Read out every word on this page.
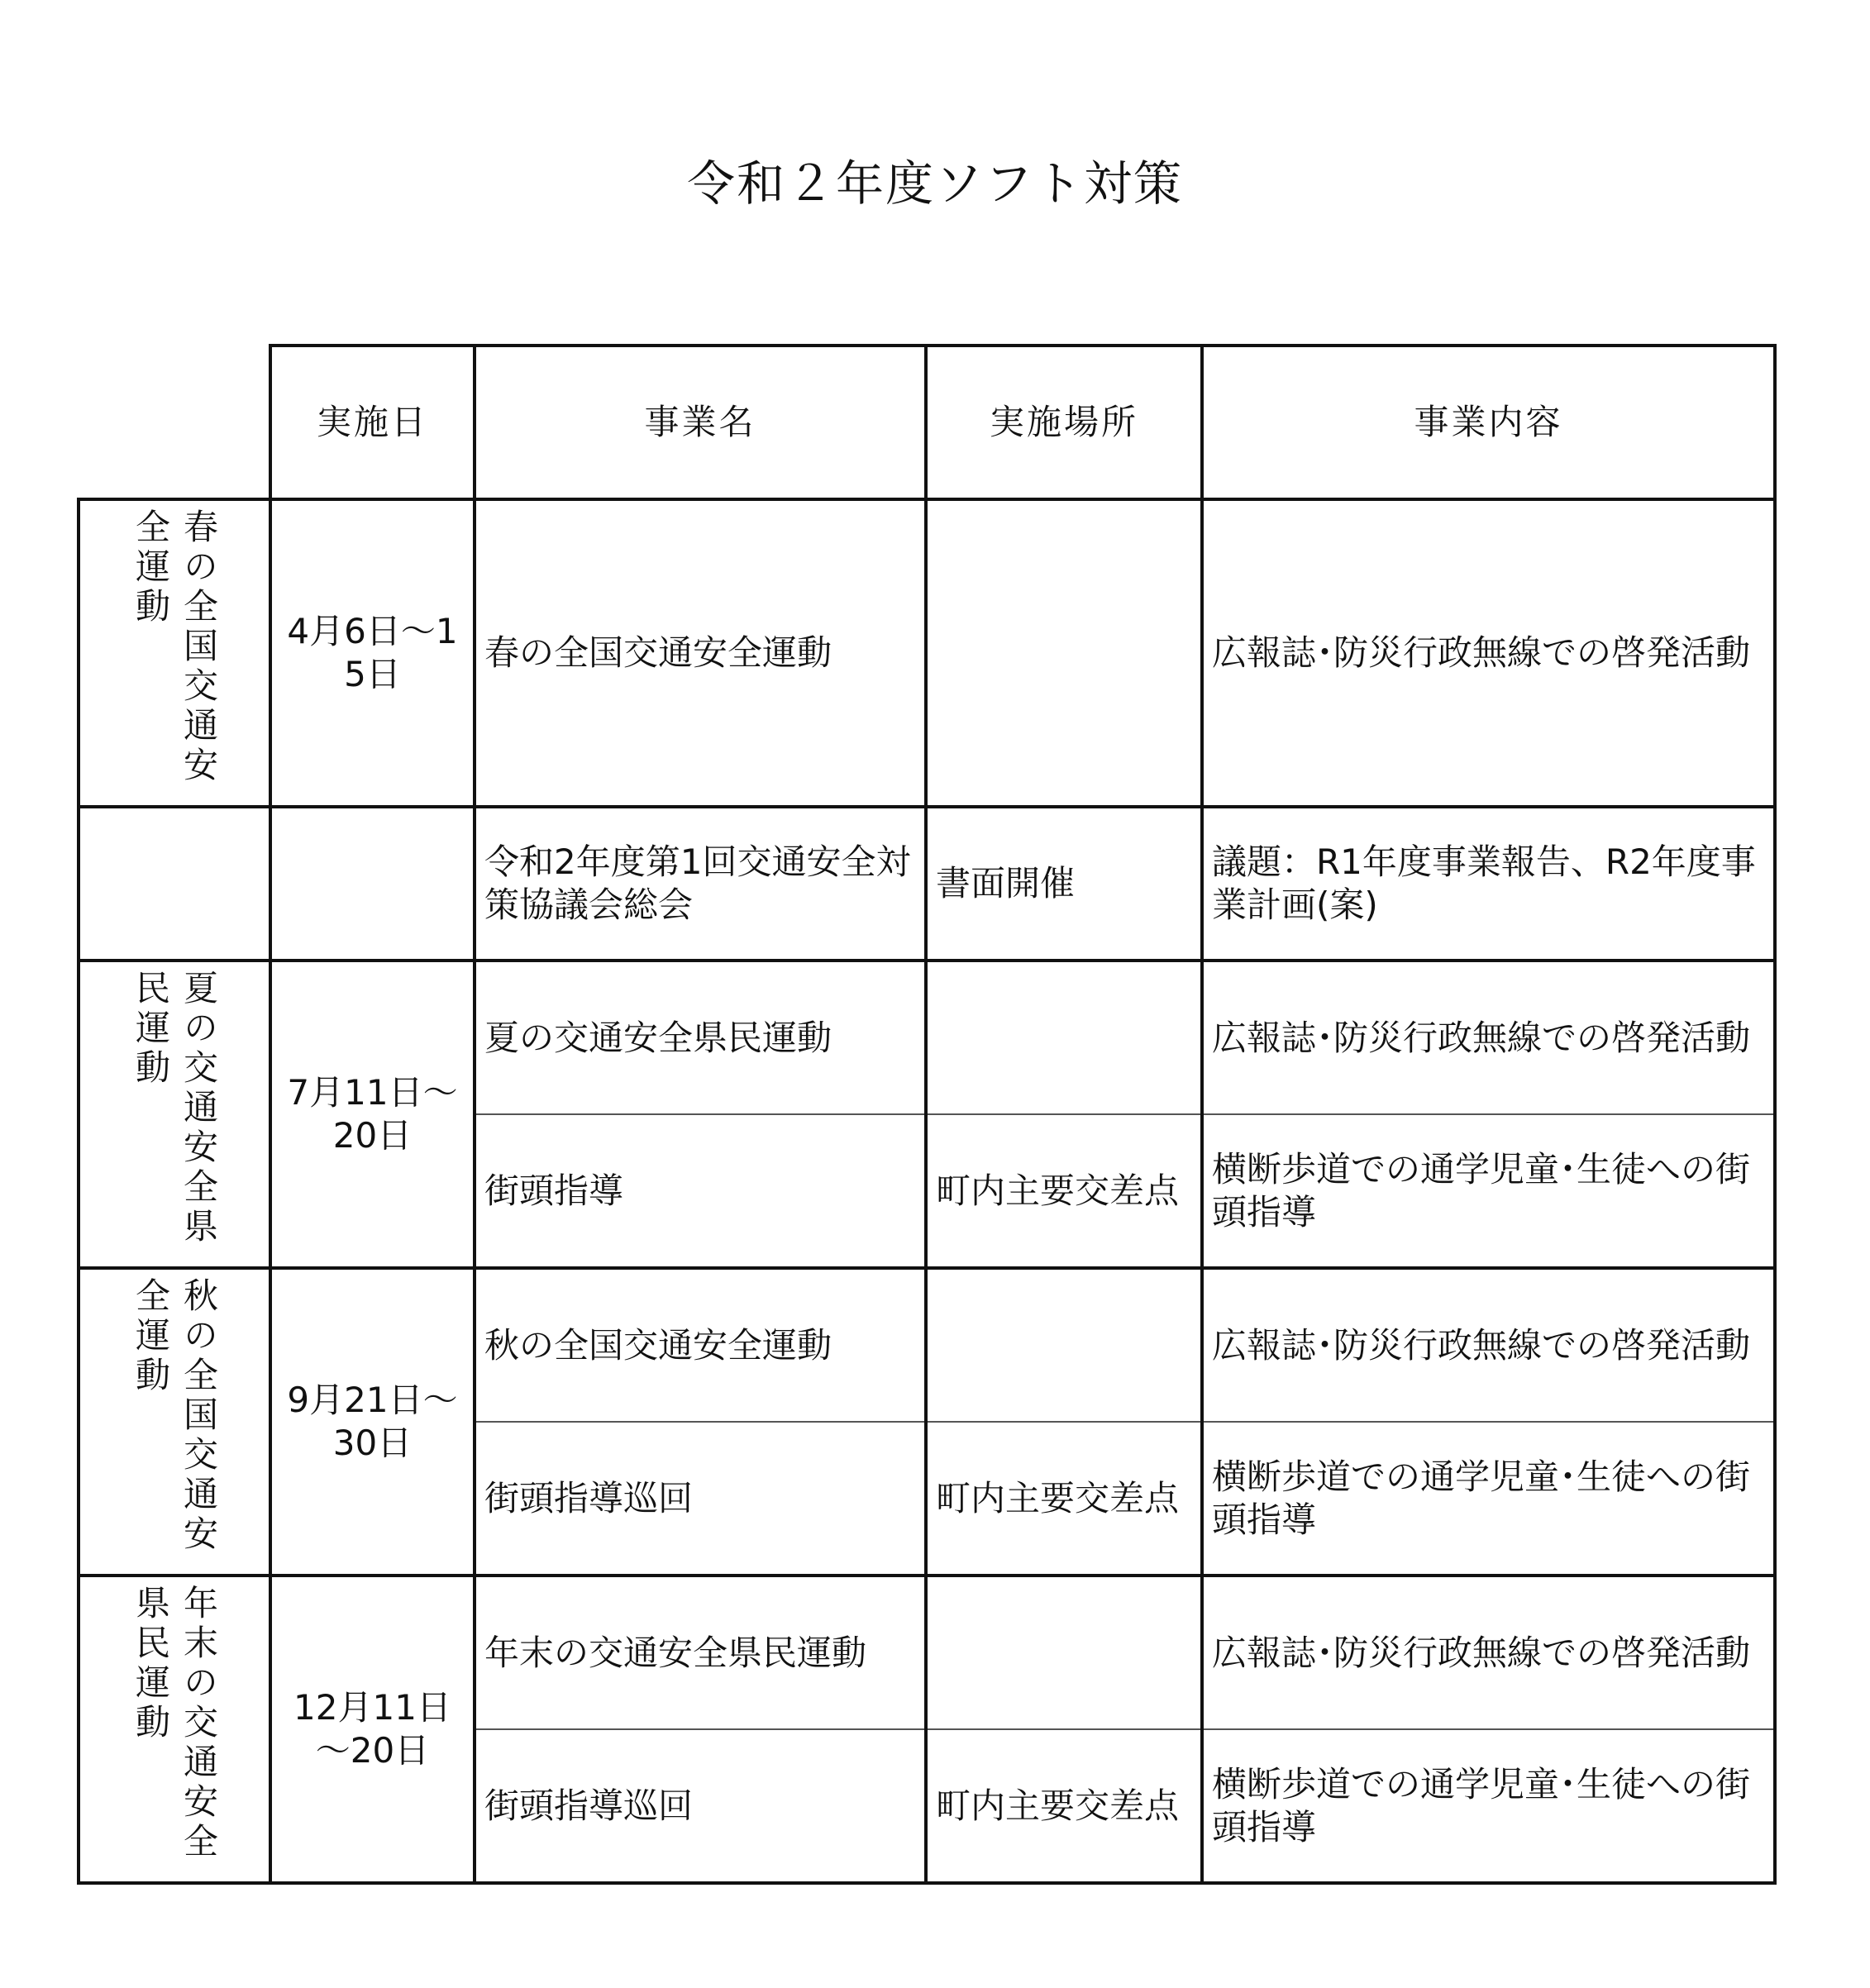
令和２年度ソフト対策
	実施日	事業名	実施場所	事業内容

春の全国交通安全運動	4月6日～15日	春の全国交通安全運動		広報誌･防災行政無線での啓発活動
		令和2年度第1回交通安全対策協議会総会	書面開催	議題：R1年度事業報告、R2年度事業計画(案)

夏の交通安全県民運動	7月11日～20日	夏の交通安全県民運動		広報誌･防災行政無線での啓発活動
		街頭指導	町内主要交差点	横断歩道での通学児童･生徒への街頭指導

秋の全国交通安全運動	9月21日～30日	秋の全国交通安全運動		広報誌･防災行政無線での啓発活動
		街頭指導巡回	町内主要交差点	横断歩道での通学児童･生徒への街頭指導

年末の交通安全県民運動	12月11日～20日	年末の交通安全県民運動		広報誌･防災行政無線での啓発活動
		街頭指導巡回	町内主要交差点	横断歩道での通学児童･生徒への街頭指導
